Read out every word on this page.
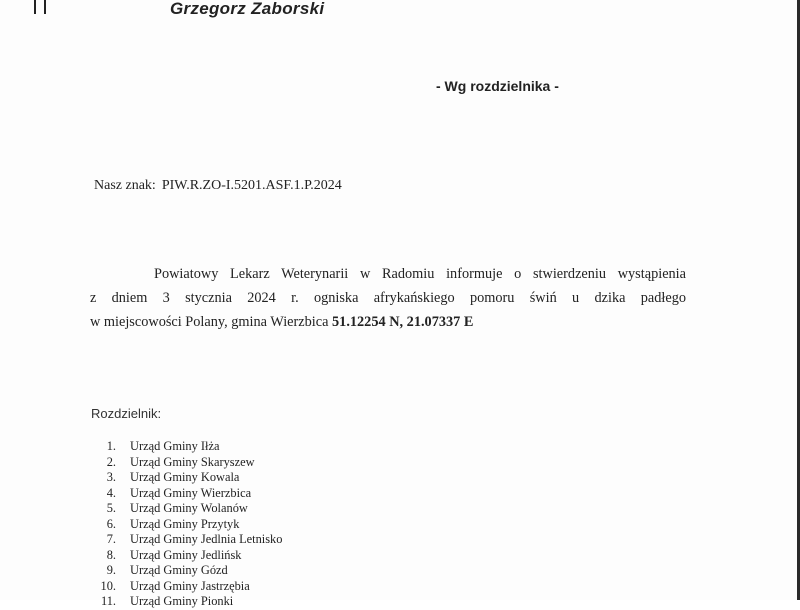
Grzegorz Zaborski
- Wg rozdzielnika -
Nasz znak: PIW.R.ZO-I.5201.ASF.1.P.2024
Powiatowy Lekarz Weterynarii w Radomiu informuje o stwierdzeniu wystąpienia
z dniem 3 stycznia 2024 r. ogniska afrykańskiego pomoru świń u dzika padłego
w miejscowości Polany, gmina Wierzbica 51.12254 N, 21.07337 E
Rozdzielnik:
1. Urząd Gminy Iłża
2. Urząd Gminy Skaryszew
3. Urząd Gminy Kowala
4. Urząd Gminy Wierzbica
5. Urząd Gminy Wolanów
6. Urząd Gminy Przytyk
7. Urząd Gminy Jedlnia Letnisko
8. Urząd Gminy Jedlińsk
9. Urząd Gminy Gózd
10. Urząd Gminy Jastrzębia
11. Urząd Gminy Pionki
